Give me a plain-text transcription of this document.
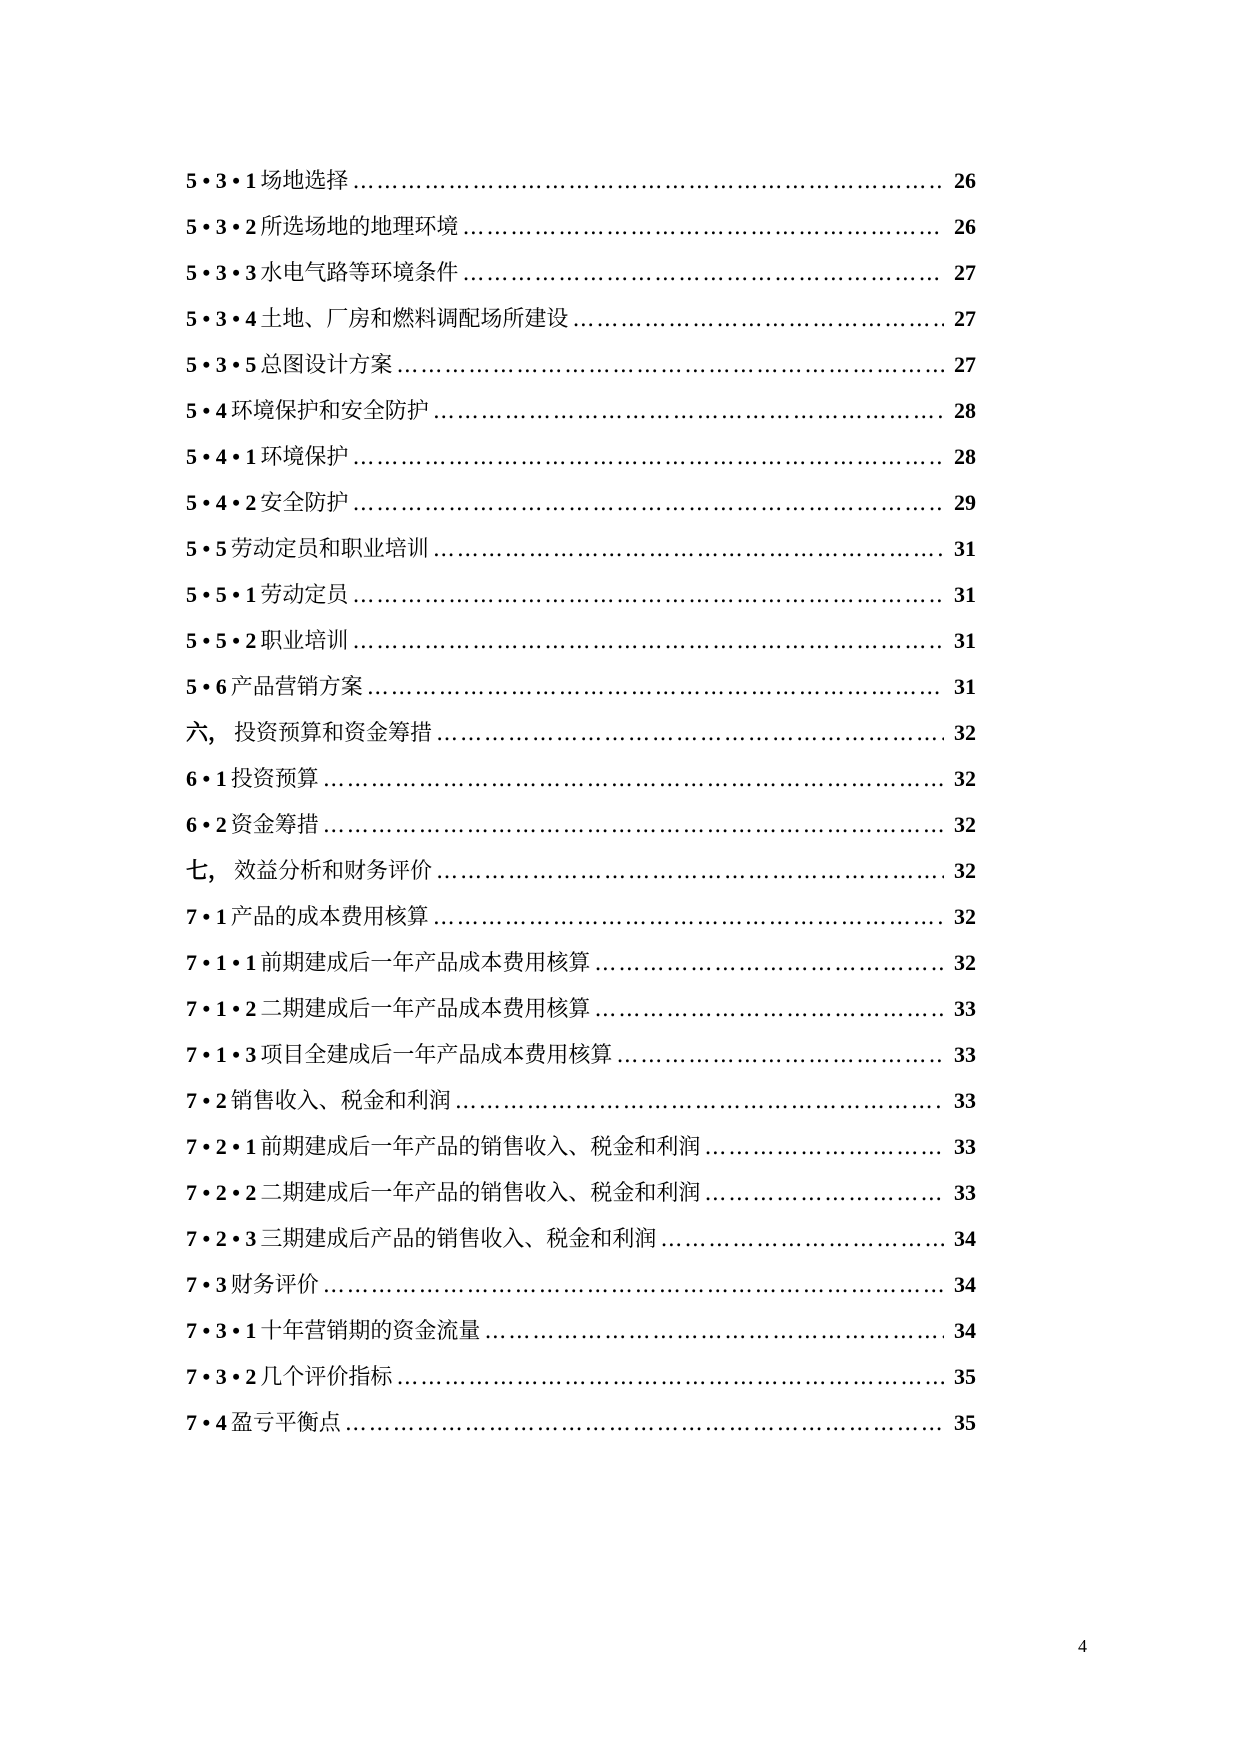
5 • 3 • 1 场地选择 ………………………………………………………………………………………………………………………………………	26
5 • 3 • 2 所选场地的地理环境 ………………………………………………………………………………………………………………………………………	26
5 • 3 • 3 水电气路等环境条件 ………………………………………………………………………………………………………………………………………	27
5 • 3 • 4 土地、厂房和燃料调配场所建设 ………………………………………………………………………………………………………………………………………	27
5 • 3 • 5 总图设计方案 ………………………………………………………………………………………………………………………………………	27
5 • 4 环境保护和安全防护 ………………………………………………………………………………………………………………………………………	28
5 • 4 • 1 环境保护 ………………………………………………………………………………………………………………………………………	28
5 • 4 • 2 安全防护 ………………………………………………………………………………………………………………………………………	29
5 • 5 劳动定员和职业培训 ………………………………………………………………………………………………………………………………………	31
5 • 5 • 1 劳动定员 ………………………………………………………………………………………………………………………………………	31
5 • 5 • 2 职业培训 ………………………………………………………………………………………………………………………………………	31
5 • 6 产品营销方案 ………………………………………………………………………………………………………………………………………	31
六， 投资预算和资金筹措 ………………………………………………………………………………………………………………………………………	32
6 • 1 投资预算 ………………………………………………………………………………………………………………………………………	32
6 • 2 资金筹措 ………………………………………………………………………………………………………………………………………	32
七， 效益分析和财务评价 ………………………………………………………………………………………………………………………………………	32
7 • 1 产品的成本费用核算 ………………………………………………………………………………………………………………………………………	32
7 • 1 • 1 前期建成后一年产品成本费用核算 ………………………………………………………………………………………………………………………………………	32
7 • 1 • 2 二期建成后一年产品成本费用核算 ………………………………………………………………………………………………………………………………………	33
7 • 1 • 3 项目全建成后一年产品成本费用核算 ………………………………………………………………………………………………………………………………………	33
7 • 2 销售收入、税金和利润 ………………………………………………………………………………………………………………………………………	33
7 • 2 • 1 前期建成后一年产品的销售收入、税金和利润 ………………………………………………………………………………………………………………………………………	33
7 • 2 • 2 二期建成后一年产品的销售收入、税金和利润 ………………………………………………………………………………………………………………………………………	33
7 • 2 • 3 三期建成后产品的销售收入、税金和利润 ………………………………………………………………………………………………………………………………………	34
7 • 3 财务评价 ………………………………………………………………………………………………………………………………………	34
7 • 3 • 1 十年营销期的资金流量 ………………………………………………………………………………………………………………………………………	34
7 • 3 • 2 几个评价指标 ………………………………………………………………………………………………………………………………………	35
7 • 4 盈亏平衡点 ………………………………………………………………………………………………………………………………………	35
4
